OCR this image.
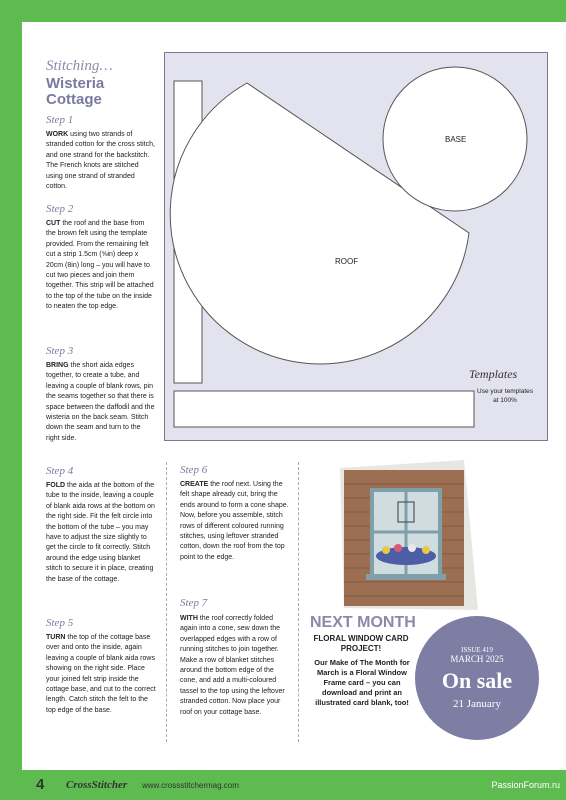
Stitching…
Wisteria Cottage
Step 1
WORK using two strands of stranded cotton for the cross stitch, and one strand for the backstitch. The French knots are stitched using one strand of stranded cotton.
Step 2
CUT the roof and the base from the brown felt using the template provided. From the remaining felt cut a strip 1.5cm (⅝in) deep x 20cm (8in) long – you will have to cut two pieces and join them together. This strip will be attached to the top of the tube on the inside to neaten the top edge.
Step 3
BRING the short aida edges together, to create a tube, and leaving a couple of blank rows, pin the seams together so that there is space between the daffodil and the wisteria on the back seam. Stitch down the seam and turn to the right side.
Step 4
FOLD the aida at the bottom of the tube to the inside, leaving a couple of blank aida rows at the bottom on the right side. Fit the felt circle into the bottom of the tube – you may have to adjust the size slightly to get the circle to fit correctly. Stitch around the edge using blanket stitch to secure it in place, creating the base of the cottage.
Step 5
TURN the top of the cottage base over and onto the inside, again leaving a couple of blank aida rows showing on the right side. Place your joined felt strip inside the cottage base, and cut to the correct length. Catch stitch the felt to the top edge of the base.
Step 6
CREATE the roof next. Using the felt shape already cut, bring the ends around to form a cone shape. Now, before you assemble, stitch rows of different coloured running stitches, using leftover stranded cotton, down the roof from the top point to the edge.
Step 7
WITH the roof correctly folded again into a cone, sew down the overlapped edges with a row of running stitches to join together. Make a row of blanket stitches around the bottom edge of the cone, and add a multi-coloured tassel to the top using the leftover stranded cotton. Now place your roof on your cottage base.
BASE
ROOF
Templates
Use your templates at 100%
NEXT MONTH
FLORAL WINDOW CARD PROJECT!
Our Make of The Month for March is a Floral Window Frame card – you can download and print an illustrated card blank, too!
ISSUE 419
MARCH 2025
On sale
21 January
4 CrossStitcher www.crossstitchermag.com	PassionForum.ru
